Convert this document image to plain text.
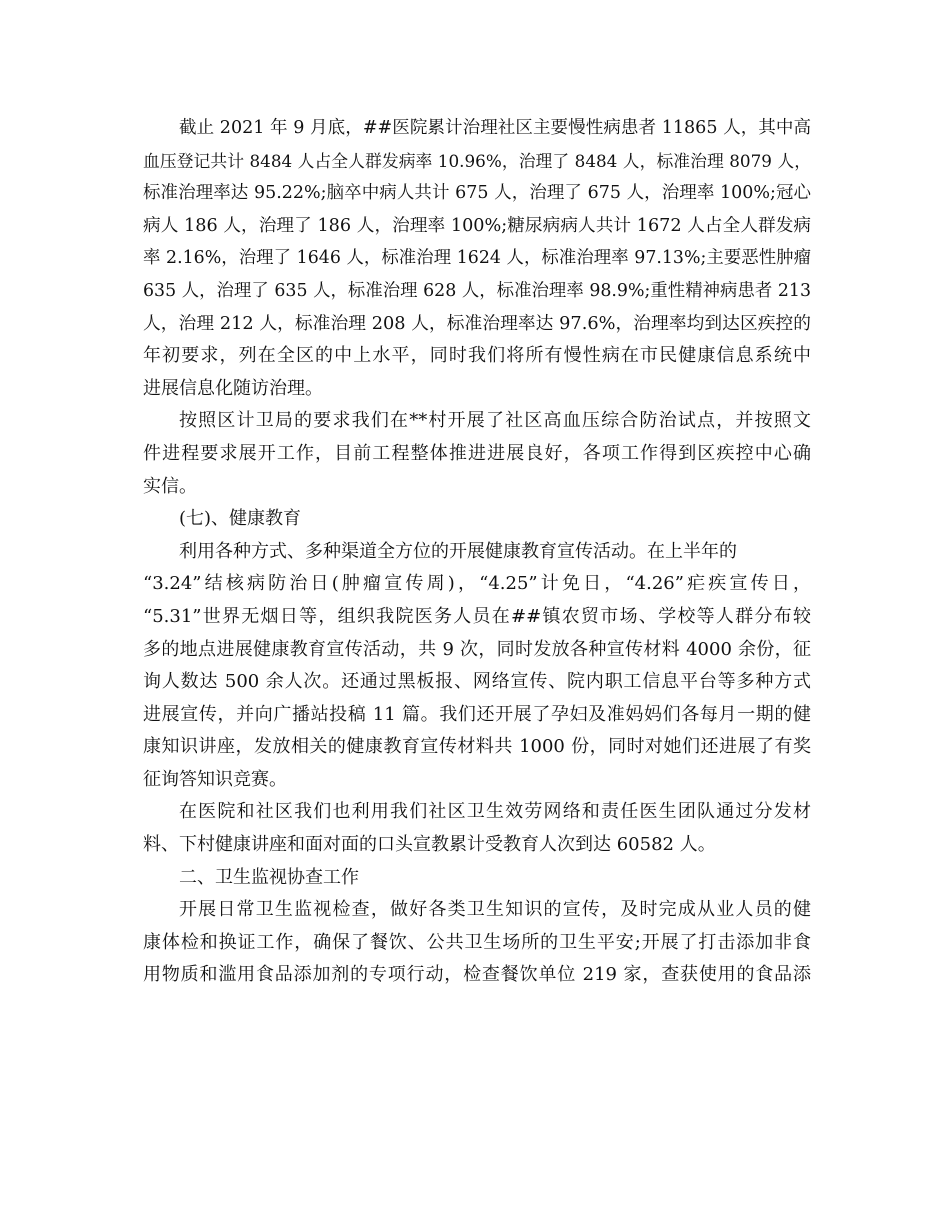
截止 2021 年 9 月底，##医院累计治理社区主要慢性病患者 11865 人，其中高
血压登记共计 8484 人占全人群发病率 10.96%，治理了 8484 人，标准治理 8079 人，
标准治理率达 95.22%;脑卒中病人共计 675 人，治理了 675 人，治理率 100%;冠心
病人 186 人，治理了 186 人，治理率 100%;糖尿病病人共计 1672 人占全人群发病
率 2.16%，治理了 1646 人，标准治理 1624 人，标准治理率 97.13%;主要恶性肿瘤
635 人，治理了 635 人，标准治理 628 人，标准治理率 98.9%;重性精神病患者 213
人，治理 212 人，标准治理 208 人，标准治理率达 97.6%，治理率均到达区疾控的
年初要求，列在全区的中上水平，同时我们将所有慢性病在市民健康信息系统中
进展信息化随访治理。
按照区计卫局的要求我们在**村开展了社区高血压综合防治试点，并按照文
件进程要求展开工作，目前工程整体推进进展良好，各项工作得到区疾控中心确
实信。
(七)、健康教育
利用各种方式、多种渠道全方位的开展健康教育宣传活动。在上半年的
“3.24”结核病防治日(肿瘤宣传周)，“4.25”计免日，“4.26”疟疾宣传日，
“5.31”世界无烟日等，组织我院医务人员在##镇农贸市场、学校等人群分布较
多的地点进展健康教育宣传活动，共 9 次，同时发放各种宣传材料 4000 余份，征
询人数达 500 余人次。还通过黑板报、网络宣传、院内职工信息平台等多种方式
进展宣传，并向广播站投稿 11 篇。我们还开展了孕妇及准妈妈们各每月一期的健
康知识讲座，发放相关的健康教育宣传材料共 1000 份，同时对她们还进展了有奖
征询答知识竞赛。
在医院和社区我们也利用我们社区卫生效劳网络和责任医生团队通过分发材
料、下村健康讲座和面对面的口头宣教累计受教育人次到达 60582 人。
二、卫生监视协查工作
开展日常卫生监视检查，做好各类卫生知识的宣传，及时完成从业人员的健
康体检和换证工作，确保了餐饮、公共卫生场所的卫生平安;开展了打击添加非食
用物质和滥用食品添加剂的专项行动，检查餐饮单位 219 家，查获使用的食品添
